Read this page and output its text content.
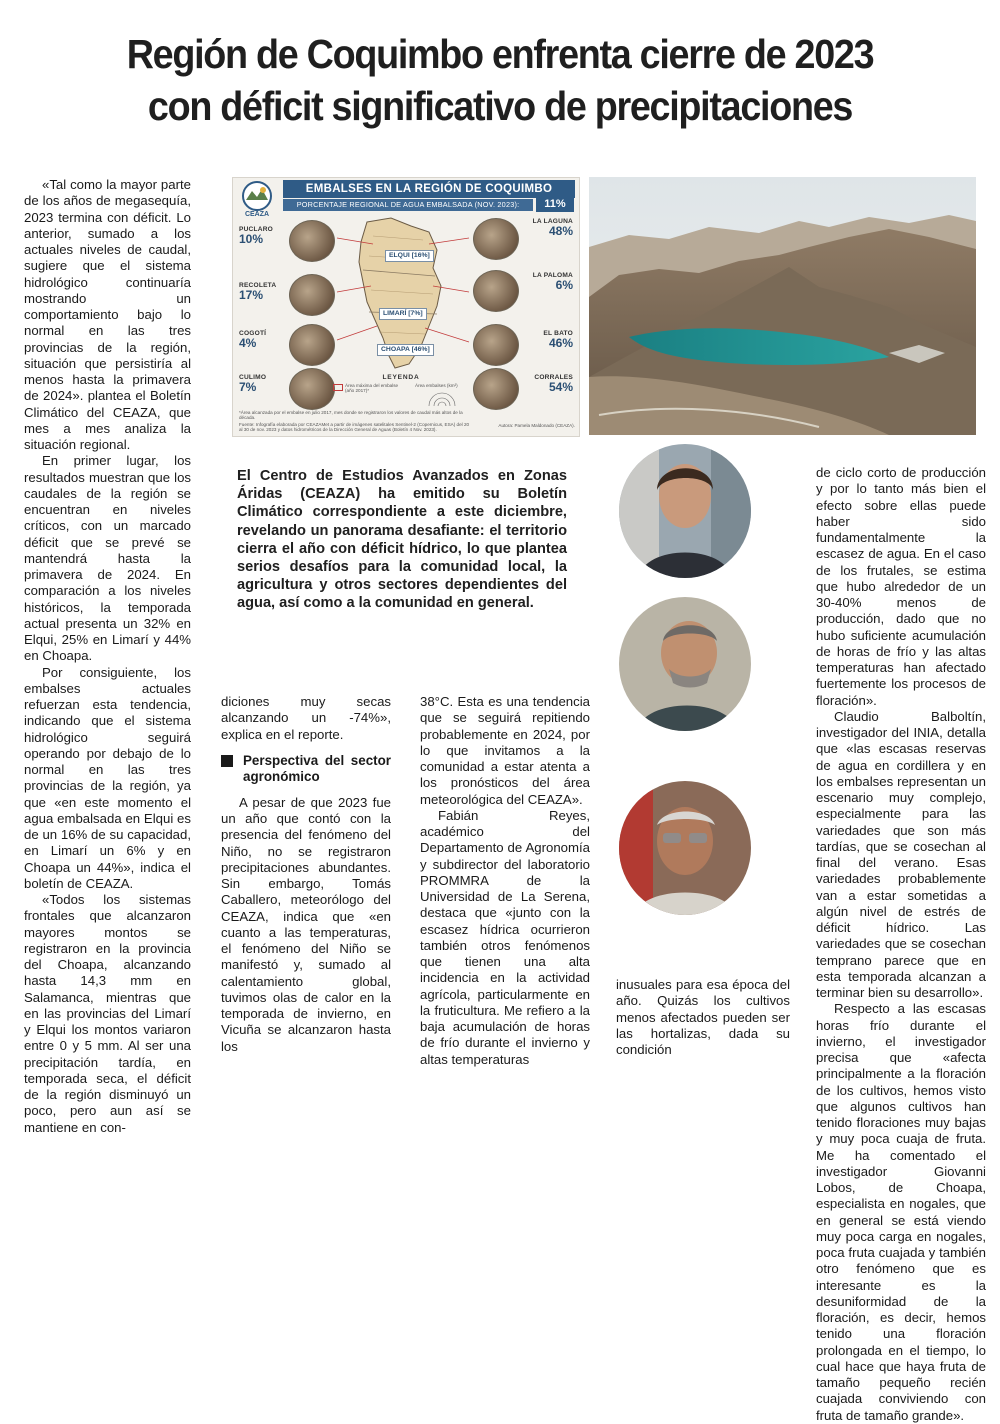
Región de Coquimbo enfrenta cierre de 2023
con déficit significativo de precipitaciones

«Tal como la mayor parte de los años de megasequía, 2023 termina con déficit. Lo anterior, sumado a los actuales niveles de caudal, sugiere que el sistema hidrológico continuaría mostrando un comportamiento bajo lo normal en las tres provincias de la región, situación que persistiría al menos hasta la primavera de 2024». plantea el Boletín Climático del CEAZA, que mes a mes analiza la situación regional.

En primer lugar, los resultados muestran que los caudales de la región se encuentran en niveles críticos, con un marcado déficit que se prevé se mantendrá hasta la primavera de 2024. En comparación a los niveles históricos, la temporada actual presenta un 32% en Elqui, 25% en Limarí y 44% en Choapa.

Por consiguiente, los embalses actuales refuerzan esta tendencia, indicando que el sistema hidrológico seguirá operando por debajo de lo normal en las tres provincias de la región, ya que «en este momento el agua embalsada en Elqui es de un 16% de su capacidad, en Limarí un 6% y en Choapa un 44%», indica el boletín de CEAZA.

«Todos los sistemas frontales que alcanzaron mayores montos se registraron en la provincia del Choapa, alcanzando hasta 14,3 mm en Salamanca, mientras que en las provincias del Limarí y Elqui los montos variaron entre 0 y 5 mm. Al ser una precipitación tardía, en temporada seca, el déficit de la región disminuyó un poco, pero aun así se mantiene en con-

CEAZA
EMBALSES EN LA REGIÓN DE COQUIMBO
PORCENTAJE REGIONAL DE AGUA EMBALSADA (NOV. 2023):	11%
PUCLARO
10%
RECOLETA
17%
COGOTÍ
4%
CULIMO
7%
LA LAGUNA
48%
LA PALOMA
6%
EL BATO
46%
CORRALES
54%
ELQUI [16%]
LIMARÍ [7%]
CHOAPA [46%]
LEYENDA
Área máxima del embalse (año 2017)*
Área embalses (km²)
*Área alcanzada por el embalse en julio 2017, mes donde se registraron los valores de caudal más altos de la década.
Fuente: Infografía elaborada por CEAZAMet a partir de imágenes satelitales Sentinel-2 (Copernicus, ESA) del 20 al 30 de nov. 2023 y datos hidrométricos de la Dirección General de Aguas (Boletín 4 Nov. 2023).
Autora: Pamela Maldonado (CEAZA).

El Centro de Estudios Avanzados en Zonas Áridas (CEAZA) ha emitido su Boletín Climático correspondiente a este diciembre, revelando un panorama desafiante: el territorio cierra el año con déficit hídrico, lo que plantea serios desafíos para la comunidad local, la agricultura y otros sectores dependientes del agua, así como a la comunidad en general.

diciones muy secas alcanzando un -74%», explica en el reporte.

Perspectiva del sector agronómico

A pesar de que 2023 fue un año que contó con la presencia del fenómeno del Niño, no se registraron precipitaciones abundantes. Sin embargo, Tomás Caballero, meteorólogo del CEAZA, indica que «en cuanto a las temperaturas, el fenómeno del Niño se manifestó y, sumado al calentamiento global, tuvimos olas de calor en la temporada de invierno, en Vicuña se alcanzaron hasta los

38°C. Esta es una tendencia que se seguirá repitiendo probablemente en 2024, por lo que invitamos a la comunidad a estar atenta a los pronósticos del área meteorológica del CEAZA».

Fabián Reyes, académico del Departamento de Agronomía y subdirector del laboratorio PROMMRA de la Universidad de La Serena, destaca que «junto con la escasez hídrica ocurrieron también otros fenómenos que tienen una alta incidencia en la actividad agrícola, particularmente en la fruticultura. Me refiero a la baja acumulación de horas de frío durante el invierno y altas temperaturas

inusuales para esa época del año. Quizás los cultivos menos afectados pueden ser las hortalizas, dada su condición

de ciclo corto de producción y por lo tanto más bien el efecto sobre ellas puede haber sido fundamentalmente la escasez de agua. En el caso de los frutales, se estima que hubo alrededor de un 30-40% menos de producción, dado que no hubo suficiente acumulación de horas de frío y las altas temperaturas han afectado fuertemente los procesos de floración».

Claudio Balboltín, investigador del INIA, detalla que «las escasas reservas de agua en cordillera y en los embalses representan un escenario muy complejo, especialmente para las variedades que son más tardías, que se cosechan al final del verano. Esas variedades probablemente van a estar sometidas a algún nivel de estrés de déficit hídrico. Las variedades que se cosechan temprano parece que en esta temporada alcanzan a terminar bien su desarrollo».

Respecto a las escasas horas frío durante el invierno, el investigador precisa que «afecta principalmente a la floración de los cultivos, hemos visto que algunos cultivos han tenido floraciones muy bajas y muy poca cuaja de fruta. Me ha comentado el investigador Giovanni Lobos, de Choapa, especialista en nogales, que en general se está viendo muy poca carga en nogales, poca fruta cuajada y también otro fenómeno que es interesante es la desuniformidad de la floración, es decir, hemos tenido una floración prolongada en el tiempo, lo cual hace que haya fruta de tamaño pequeño recién cuajada conviviendo con fruta de tamaño grande».
